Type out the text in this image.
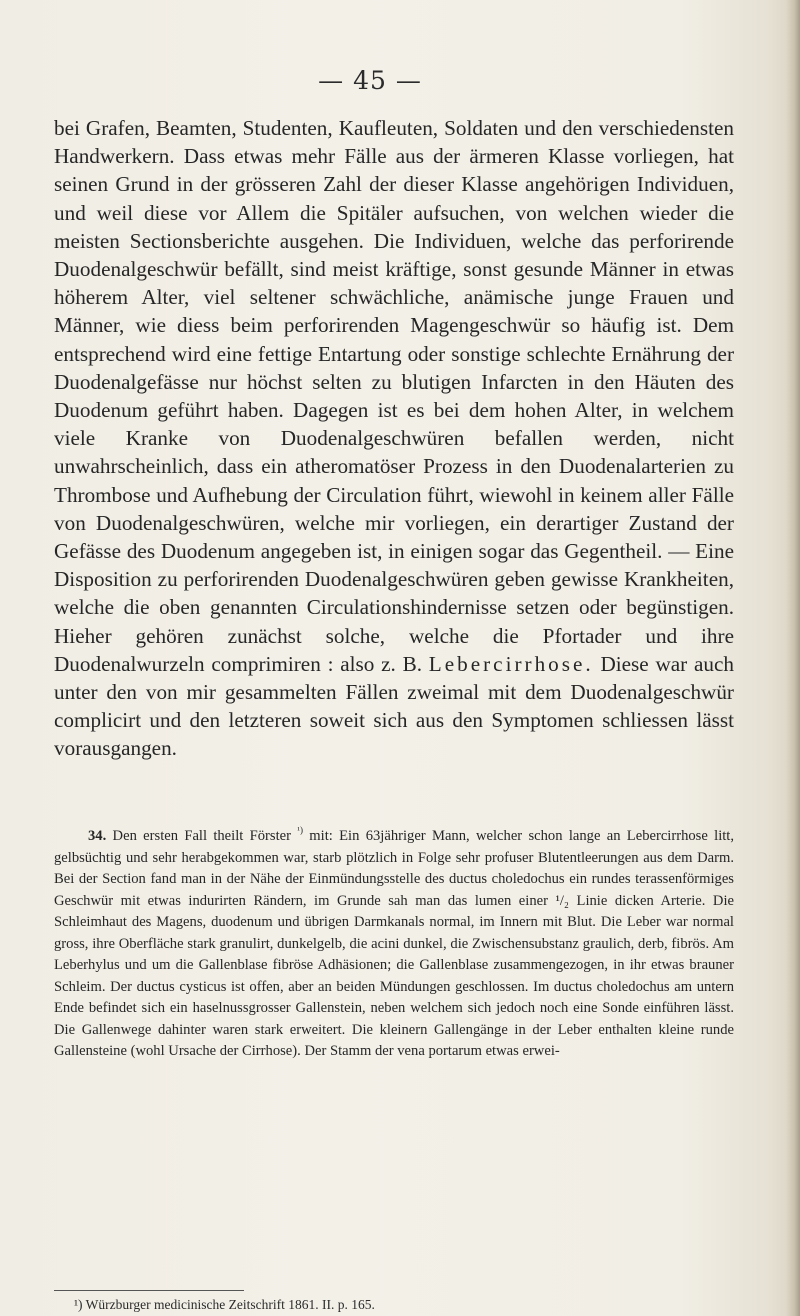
— 45 —

bei Grafen, Beamten, Studenten, Kaufleuten, Soldaten und den verschiedensten Handwerkern. Dass etwas mehr Fälle aus der ärmeren Klasse vorliegen, hat seinen Grund in der grösseren Zahl der dieser Klasse angehörigen Individuen, und weil diese vor Allem die Spitäler aufsuchen, von welchen wieder die meisten Sectionsberichte ausgehen. Die Individuen, welche das perforirende Duodenalgeschwür befällt, sind meist kräftige, sonst gesunde Männer in etwas höherem Alter, viel seltener schwächliche, anämische junge Frauen und Männer, wie diess beim perforirenden Magengeschwür so häufig ist. Dem entsprechend wird eine fettige Entartung oder sonstige schlechte Ernährung der Duodenalgefässe nur höchst selten zu blutigen Infarcten in den Häuten des Duodenum geführt haben. Dagegen ist es bei dem hohen Alter, in welchem viele Kranke von Duodenalgeschwüren befallen werden, nicht unwahrscheinlich, dass ein atheromatöser Prozess in den Duodenalarterien zu Thrombose und Aufhebung der Circulation führt, wiewohl in keinem aller Fälle von Duodenalgeschwüren, welche mir vorliegen, ein derartiger Zustand der Gefässe des Duodenum angegeben ist, in einigen sogar das Gegentheil. — Eine Disposition zu perforirenden Duodenalgeschwüren geben gewisse Krankheiten, welche die oben genannten Circulationshindernisse setzen oder begünstigen. Hieher gehören zunächst solche, welche die Pfortader und ihre Duodenalwurzeln comprimiren : also z. B. Lebercirrhose. Diese war auch unter den von mir gesammelten Fällen zweimal mit dem Duodenalgeschwür complicirt und den letzteren soweit sich aus den Symptomen schliessen lässt vorausgangen.

34. Den ersten Fall theilt Förster $^{^1)}$ mit: Ein 63jähriger Mann, welcher schon lange an Lebercirrhose litt, gelbsüchtig und sehr herabgekommen war, starb plötzlich in Folge sehr profuser Blutentleerungen aus dem Darm. Bei der Section fand man in der Nähe der Einmündungsstelle des ductus choledochus ein rundes terassenförmiges Geschwür mit etwas indurirten Rändern, im Grunde sah man das lumen einer ¹/₂ Linie dicken Arterie. Die Schleimhaut des Magens, duodenum und übrigen Darmkanals normal, im Innern mit Blut. Die Leber war normal gross, ihre Oberfläche stark granulirt, dunkelgelb, die acini dunkel, die Zwischensubstanz graulich, derb, fibrös. Am Leberhylus und um die Gallenblase fibröse Adhäsionen; die Gallenblase zusammengezogen, in ihr etwas brauner Schleim. Der ductus cysticus ist offen, aber an beiden Mündungen geschlossen. Im ductus choledochus am untern Ende befindet sich ein haselnussgrosser Gallenstein, neben welchem sich jedoch noch eine Sonde einführen lässt. Die Gallenwege dahinter waren stark erweitert. Die kleinern Gallengänge in der Leber enthalten kleine runde Gallensteine (wohl Ursache der Cirrhose). Der Stamm der vena portarum etwas erwei-

¹) Würzburger medicinische Zeitschrift 1861. II. p. 165.
